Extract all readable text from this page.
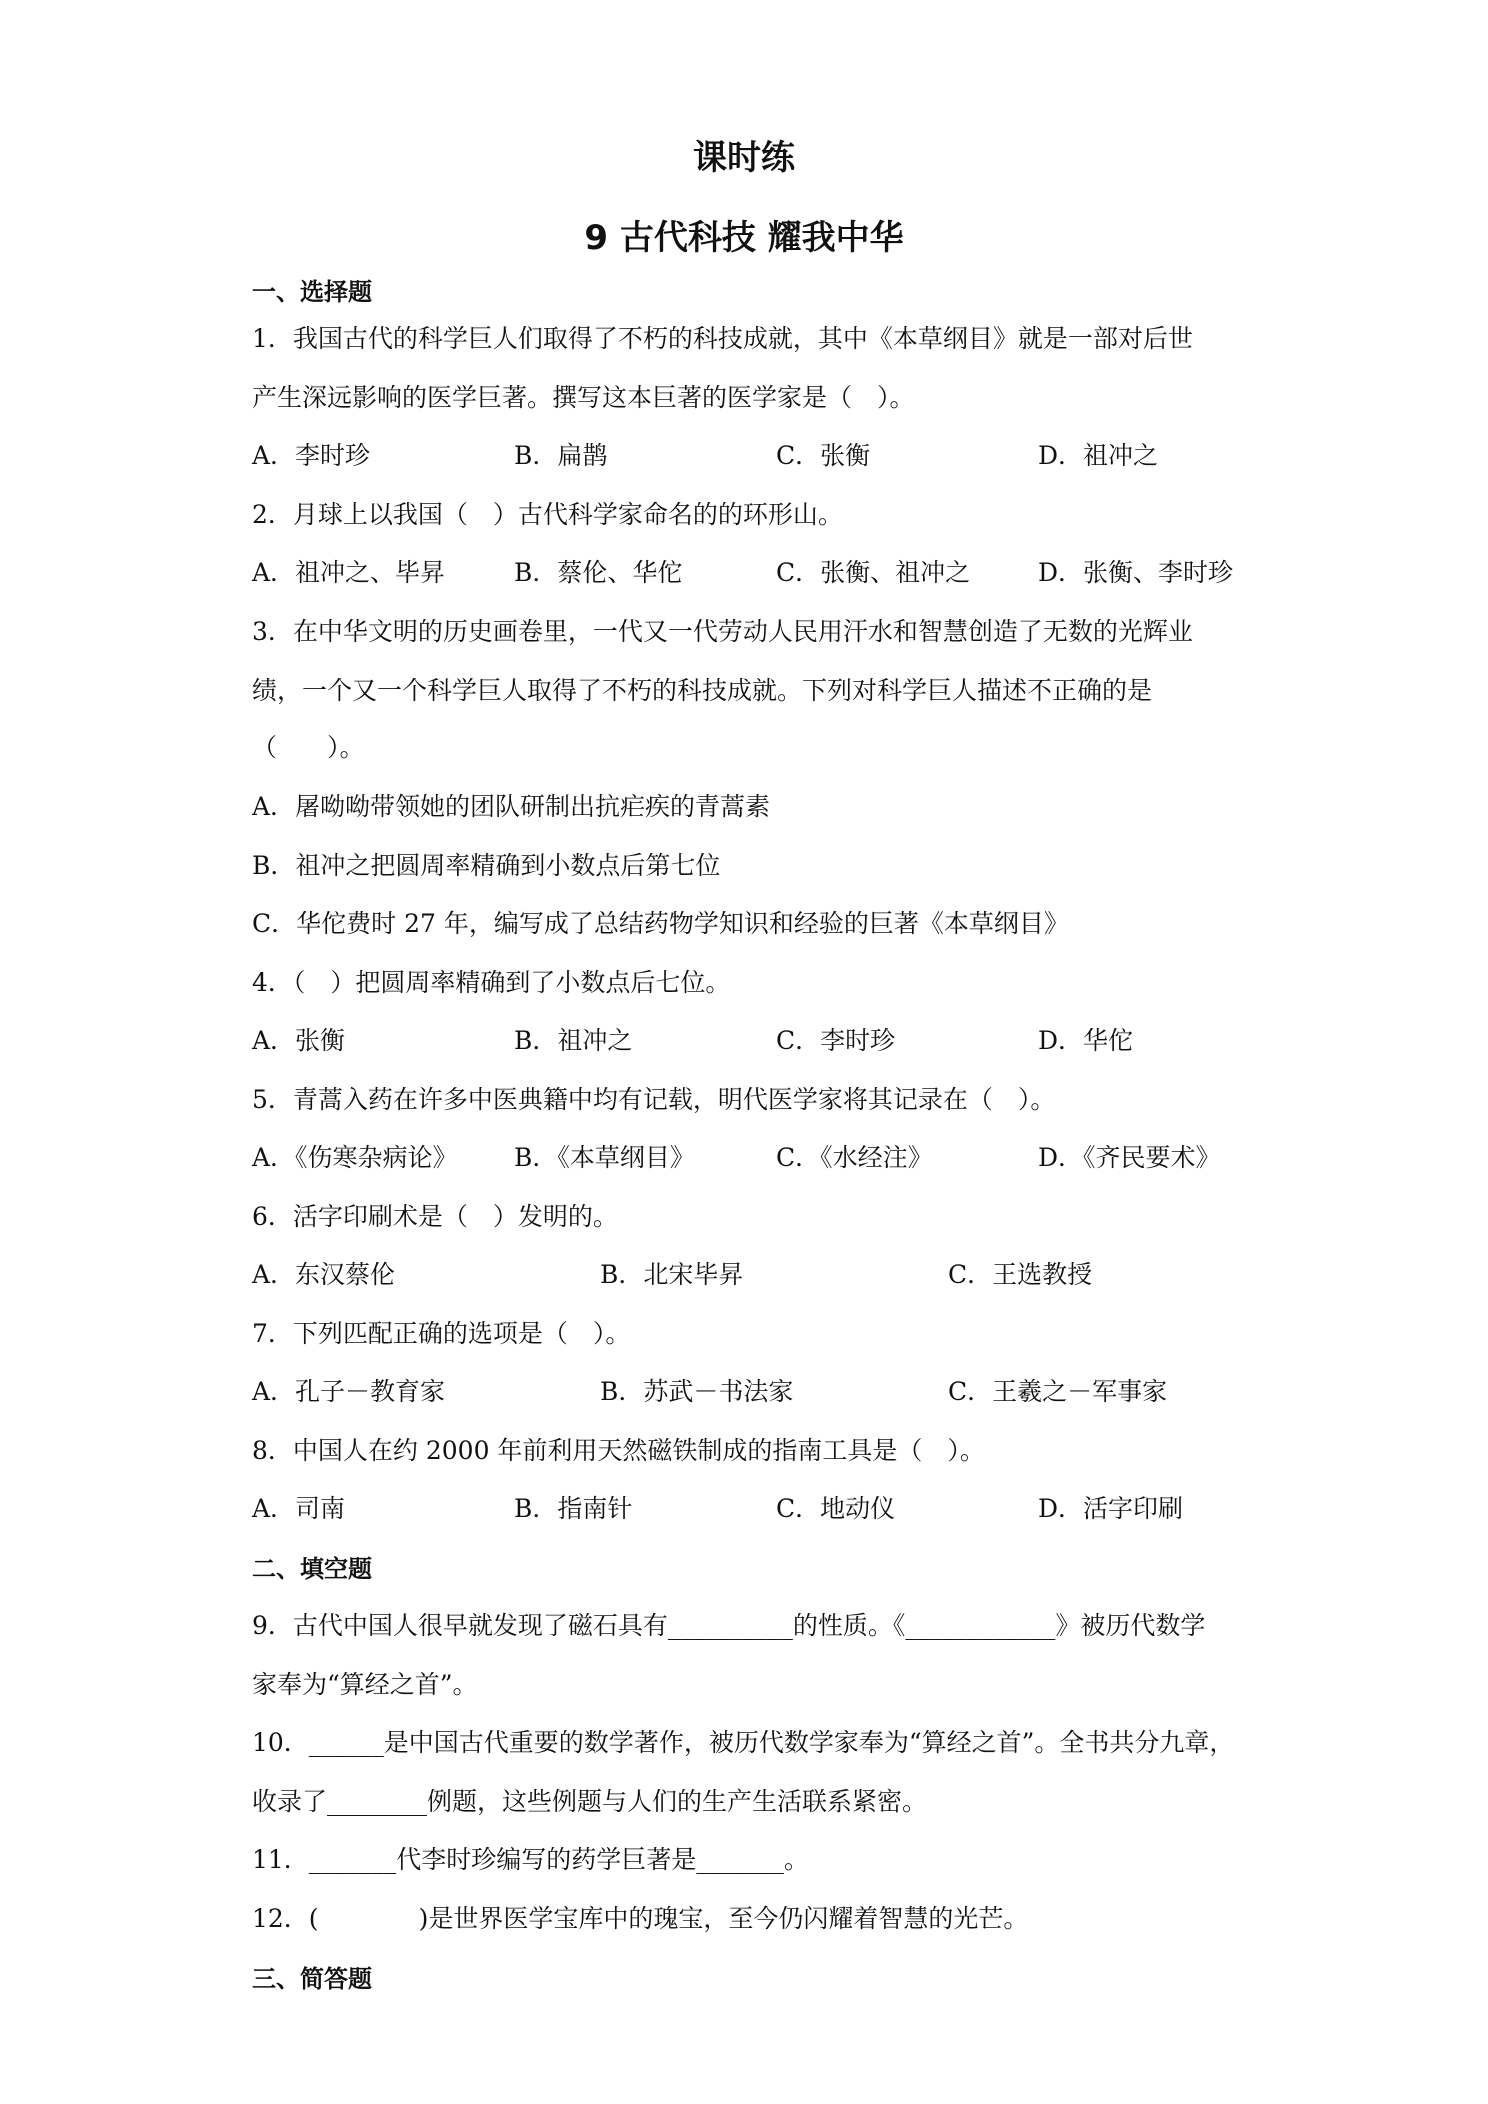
课时练
9 古代科技 耀我中华
一、选择题
1．我国古代的科学巨人们取得了不朽的科技成就，其中《本草纲目》就是一部对后世
产生深远影响的医学巨著。撰写这本巨著的医学家是（　）。
A．李时珍	B．扁鹊	C．张衡	D．祖冲之
2．月球上以我国（　）古代科学家命名的的环形山。
A．祖冲之、毕昇	B．蔡伦、华佗	C．张衡、祖冲之	D．张衡、李时珍
3．在中华文明的历史画卷里，一代又一代劳动人民用汗水和智慧创造了无数的光辉业
绩，一个又一个科学巨人取得了不朽的科技成就。下列对科学巨人描述不正确的是
（　　）。
A．屠呦呦带领她的团队研制出抗疟疾的青蒿素
B．祖冲之把圆周率精确到小数点后第七位
C．华佗费时 27 年，编写成了总结药物学知识和经验的巨著《本草纲目》
4．（　）把圆周率精确到了小数点后七位。
A．张衡	B．祖冲之	C．李时珍	D．华佗
5．青蒿入药在许多中医典籍中均有记载，明代医学家将其记录在（　）。
A．《伤寒杂病论》 B．《本草纲目》	C．《水经注》	D．《齐民要术》
6．活字印刷术是（　）发明的。
A．东汉蔡伦	B．北宋毕昇	C．王选教授
7．下列匹配正确的选项是（　）。
A．孔子－教育家	B．苏武－书法家	C．王羲之－军事家
8．中国人在约 2000 年前利用天然磁铁制成的指南工具是（　）。
A．司南	B．指南针	C．地动仪	D．活字印刷
二、填空题
9．古代中国人很早就发现了磁石具有__________的性质。《____________》被历代数学
家奉为“算经之首”。
10．______是中国古代重要的数学著作，被历代数学家奉为“算经之首”。全书共分九章，
收录了________例题，这些例题与人们的生产生活联系紧密。
11．_______代李时珍编写的药学巨著是_______。
12．(　　　　)是世界医学宝库中的瑰宝，至今仍闪耀着智慧的光芒。
三、简答题
